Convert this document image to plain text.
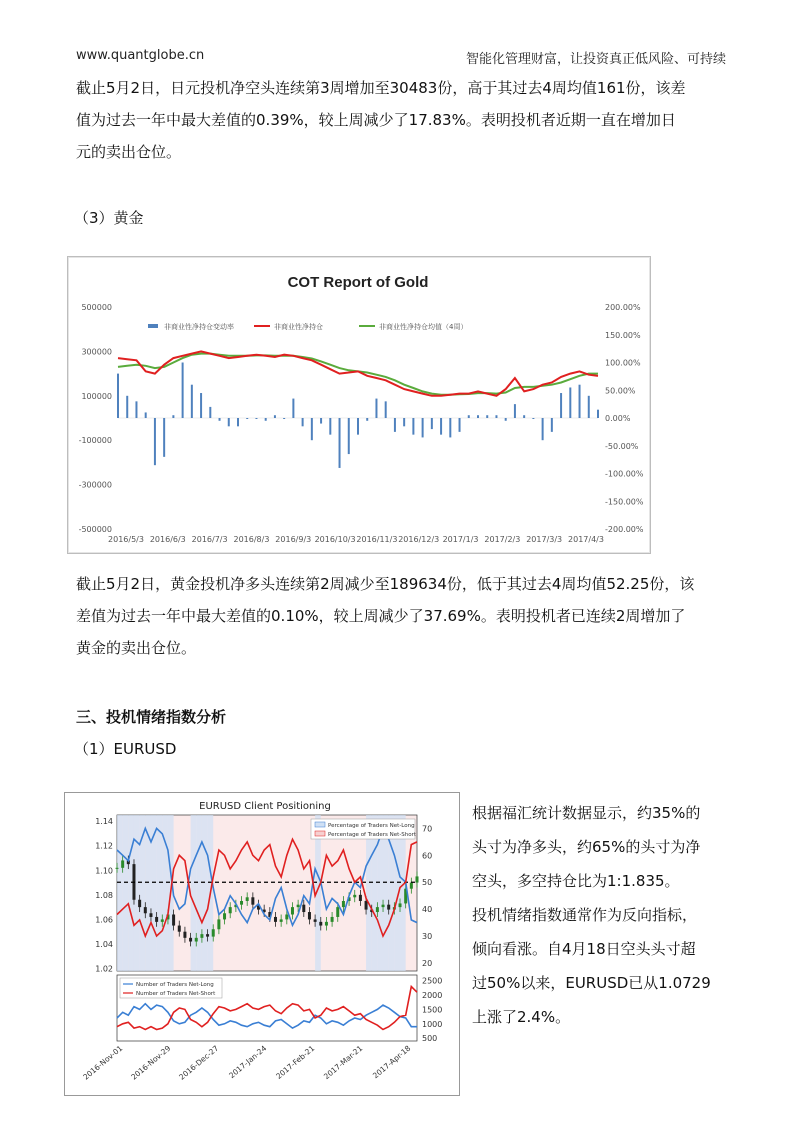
www.quantglobe.cn	智能化管理财富，让投资真正低风险、可持续

截止5月2日，日元投机净空头连续第3周增加至30483份，高于其过去4周均值161份，该差

值为过去一年中最大差值的0.39%，较上周减少了17.83%。表明投机者近期一直在增加日

元的卖出仓位。

（3）黄金
COT Report of Gold
500000
300000
100000
-100000
-300000
-500000
200.00%
150.00%
100.00%
50.00%
0.00%
-50.00%
-100.00%
-150.00%
-200.00%
非商业性净持仓变动率	非商业性净持仓	非商业性净持仓均值（4周）
2016/5/3 2016/6/3 2016/7/3 2016/8/3 2016/9/3 2016/10/3 2016/11/3 2016/12/3 2017/1/3 2017/2/3 2017/3/3 2017/4/3

截止5月2日，黄金投机净多头连续第2周减少至189634份，低于其过去4周均值52.25份，该

差值为过去一年中最大差值的0.10%，较上周减少了37.69%。表明投机者已连续2周增加了

黄金的卖出仓位。

三、投机情绪指数分析
（1）EURUSD
EURUSD Client Positioning
1.14
1.12
1.10
1.08
1.06
1.04
1.02
70
60
50
40
30
20
Percentage of Traders Net-Long
Percentage of Traders Net-Short
2500
2000
1500
1000
500
Number of Traders Net-Long
Number of Traders Net-Short
2016-Nov-01 2016-Nov-29 2016-Dec-27 2017-Jan-24 2017-Feb-21 2017-Mar-21 2017-Apr-18

根据福汇统计数据显示，约35%的

头寸为净多头，约65%的头寸为净

空头，多空持仓比为1:1.835。

投机情绪指数通常作为反向指标，

倾向看涨。自4月18日空头头寸超

过50%以来，EURUSD已从1.0729

上涨了2.4%。
